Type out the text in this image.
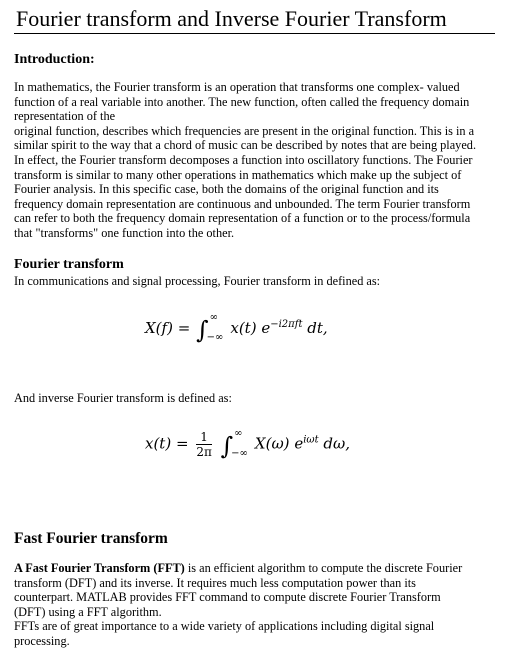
Fourier transform and Inverse Fourier Transform
Introduction:
In mathematics, the Fourier transform is an operation that transforms one complex- valued
function of a real variable into another. The new function, often called the frequency domain
representation of the
original function, describes which frequencies are present in the original function. This is in a
similar spirit to the way that a chord of music can be described by notes that are being played.
In effect, the Fourier transform decomposes a function into oscillatory functions. The Fourier
transform is similar to many other operations in mathematics which make up the subject of
Fourier analysis. In this specific case, both the domains of the original function and its
frequency domain representation are continuous and unbounded. The term Fourier transform
can refer to both the frequency domain representation of a function or to the process/formula
that "transforms" one function into the other.
Fourier transform
In communications and signal processing, Fourier transform in defined as:
X(f) = ∫ ∞
−∞
x(t) $e^{-i2\pi ft}$ dt,
And inverse Fourier transform is defined as:
$x(t) = \frac{1}{2\pi}$ ∫ ∞
−∞
X(ω) $e^{i\omega t}$ dω,
Fast Fourier transform
A Fast Fourier Transform (FFT) is an efficient algorithm to compute the discrete Fourier
transform (DFT) and its inverse. It requires much less computation power than its
counterpart. MATLAB provides FFT command to compute discrete Fourier Transform
(DFT) using a FFT algorithm.
FFTs are of great importance to a wide variety of applications including digital signal
processing.
